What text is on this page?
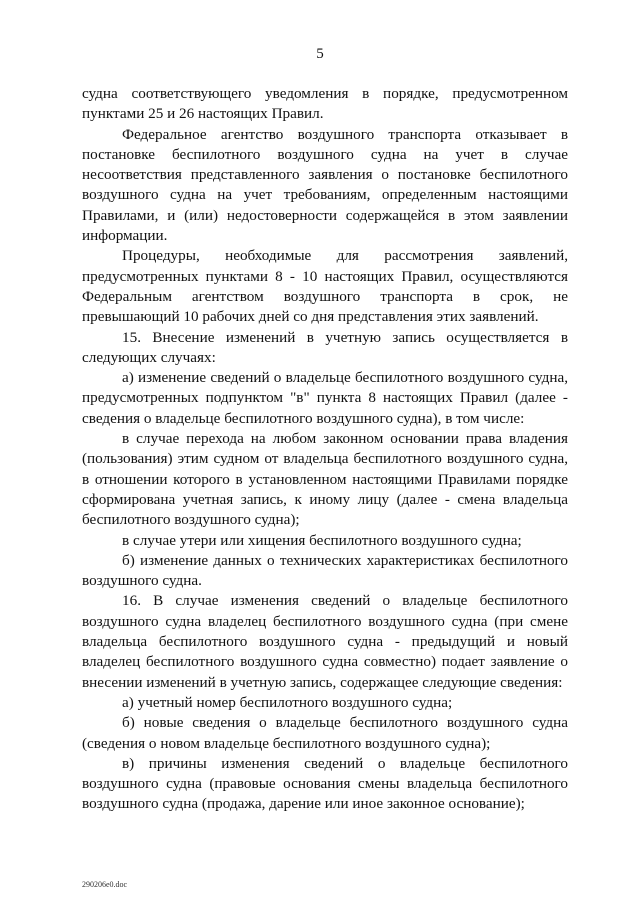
5

судна соответствующего уведомления в порядке, предусмотренном пунктами 25 и 26 настоящих Правил.

Федеральное агентство воздушного транспорта отказывает в постановке беспилотного воздушного судна на учет в случае несоответствия представленного заявления о постановке беспилотного воздушного судна на учет требованиям, определенным настоящими Правилами, и (или) недостоверности содержащейся в этом заявлении информации.

Процедуры, необходимые для рассмотрения заявлений, предусмотренных пунктами 8 - 10 настоящих Правил, осуществляются Федеральным агентством воздушного транспорта в срок, не превышающий 10 рабочих дней со дня представления этих заявлений.

15. Внесение изменений в учетную запись осуществляется в следующих случаях:

а) изменение сведений о владельце беспилотного воздушного судна, предусмотренных подпунктом "в" пункта 8 настоящих Правил (далее - сведения о владельце беспилотного воздушного судна), в том числе:

в случае перехода на любом законном основании права владения (пользования) этим судном от владельца беспилотного воздушного судна, в отношении которого в установленном настоящими Правилами порядке сформирована учетная запись, к иному лицу (далее - смена владельца беспилотного воздушного судна);

в случае утери или хищения беспилотного воздушного судна;

б) изменение данных о технических характеристиках беспилотного воздушного судна.

16. В случае изменения сведений о владельце беспилотного воздушного судна владелец беспилотного воздушного судна (при смене владельца беспилотного воздушного судна - предыдущий и новый владелец беспилотного воздушного судна совместно) подает заявление о внесении изменений в учетную запись, содержащее следующие сведения:

а) учетный номер беспилотного воздушного судна;

б) новые сведения о владельце беспилотного воздушного судна (сведения о новом владельце беспилотного воздушного судна);

в) причины изменения сведений о владельце беспилотного воздушного судна (правовые основания смены владельца беспилотного воздушного судна (продажа, дарение или иное законное основание);

290206e0.doc
